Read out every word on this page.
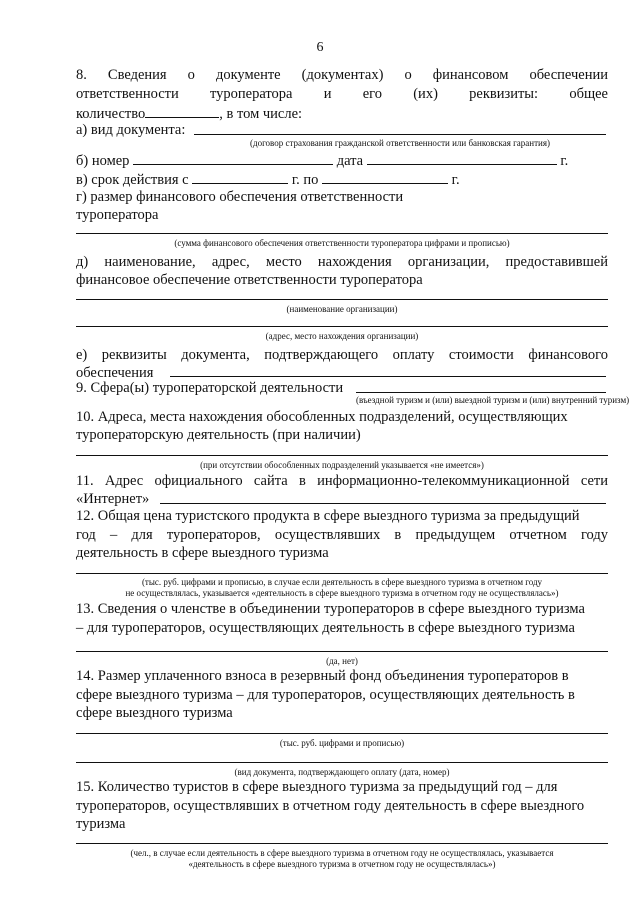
6
8. Сведения о документе (документах) о финансовом обеспечении
ответственности туроператора и его (их) реквизиты: общее
количество	, в том числе:
а) вид документа:
(договор страхования гражданской ответственности или банковская гарантия)
б) номер	дата	г.
в) срок действия с	г. по	г.
г) размер финансового обеспечения ответственности
туроператора
(сумма финансового обеспечения ответственности туроператора цифрами и прописью)
д) наименование, адрес, место нахождения организации, предоставившей
финансовое обеспечение ответственности туроператора
(наименование организации)
(адрес, место нахождения организации)
е) реквизиты документа, подтверждающего оплату стоимости финансового
обеспечения
9. Сфера(ы) туроператорской деятельности
(въездной туризм и (или) выездной туризм и (или) внутренний туризм)
10. Адреса, места нахождения обособленных подразделений, осуществляющих
туроператорскую деятельность (при наличии)
(при отсутствии обособленных подразделений указывается «не имеется»)
11. Адрес официального сайта в информационно-телекоммуникационной сети
«Интернет»
12. Общая цена туристского продукта в сфере выездного туризма за предыдущий
год – для туроператоров, осуществлявших в предыдущем отчетном году
деятельность в сфере выездного туризма
(тыс. руб. цифрами и прописью, в случае если деятельность в сфере выездного туризма в отчетном году
не осуществлялась, указывается «деятельность в сфере выездного туризма в отчетном году не осуществлялась»)
13. Сведения о членстве в объединении туроператоров в сфере выездного туризма
– для туроператоров, осуществляющих деятельность в сфере выездного туризма
(да, нет)
14. Размер уплаченного взноса в резервный фонд объединения туроператоров в
сфере выездного туризма – для туроператоров, осуществляющих деятельность в
сфере выездного туризма
(тыс. руб. цифрами и прописью)
(вид документа, подтверждающего оплату (дата, номер)
15. Количество туристов в сфере выездного туризма за предыдущий год – для
туроператоров, осуществлявших в отчетном году деятельность в сфере выездного
туризма
(чел., в случае если деятельность в сфере выездного туризма в отчетном году не осуществлялась, указывается
«деятельность в сфере выездного туризма в отчетном году не осуществлялась»)
